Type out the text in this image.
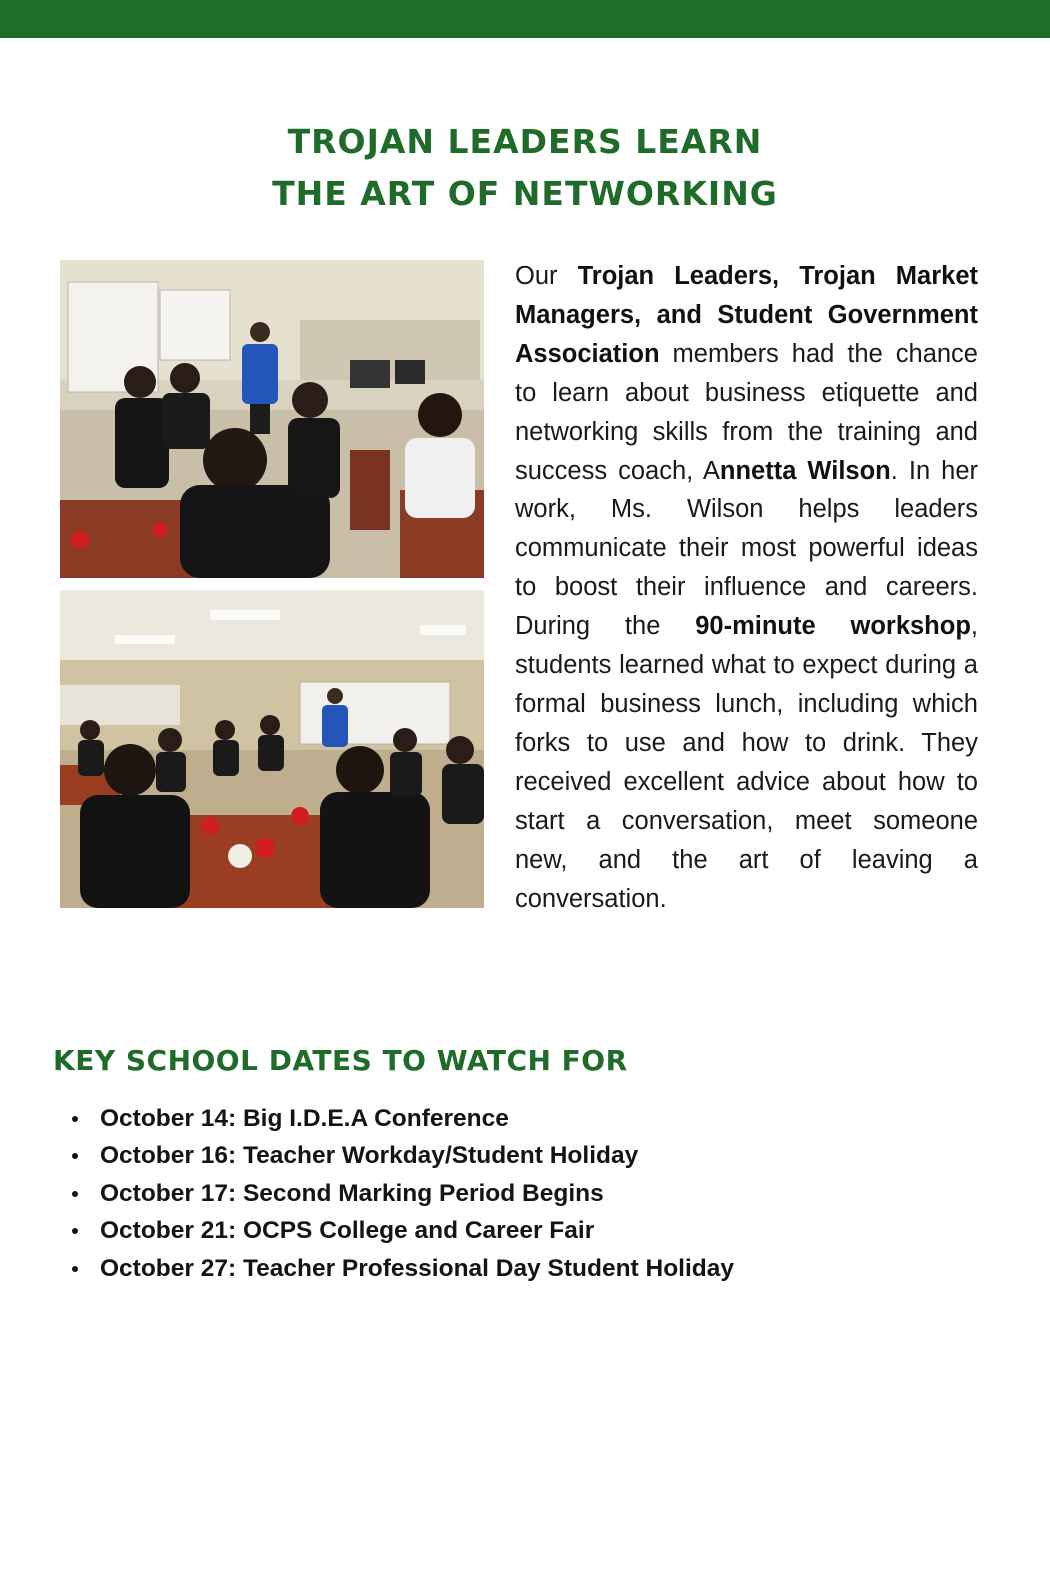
TROJAN LEADERS LEARN
THE ART OF NETWORKING
Our Trojan Leaders, Trojan Market Managers, and Student Government Association members had the chance to learn about business etiquette and networking skills from the training and success coach, Annetta Wilson. In her work, Ms. Wilson helps leaders communicate their most powerful ideas to boost their influence and careers. During the 90-minute workshop, students learned what to expect during a formal business lunch, including which forks to use and how to drink. They received excellent advice about how to start a conversation, meet someone new, and the art of leaving a conversation.
KEY SCHOOL DATES TO WATCH FOR
October 14: Big I.D.E.A Conference
October 16: Teacher Workday/Student Holiday
October 17: Second Marking Period Begins
October 21: OCPS College and Career Fair
October 27: Teacher Professional Day Student Holiday
